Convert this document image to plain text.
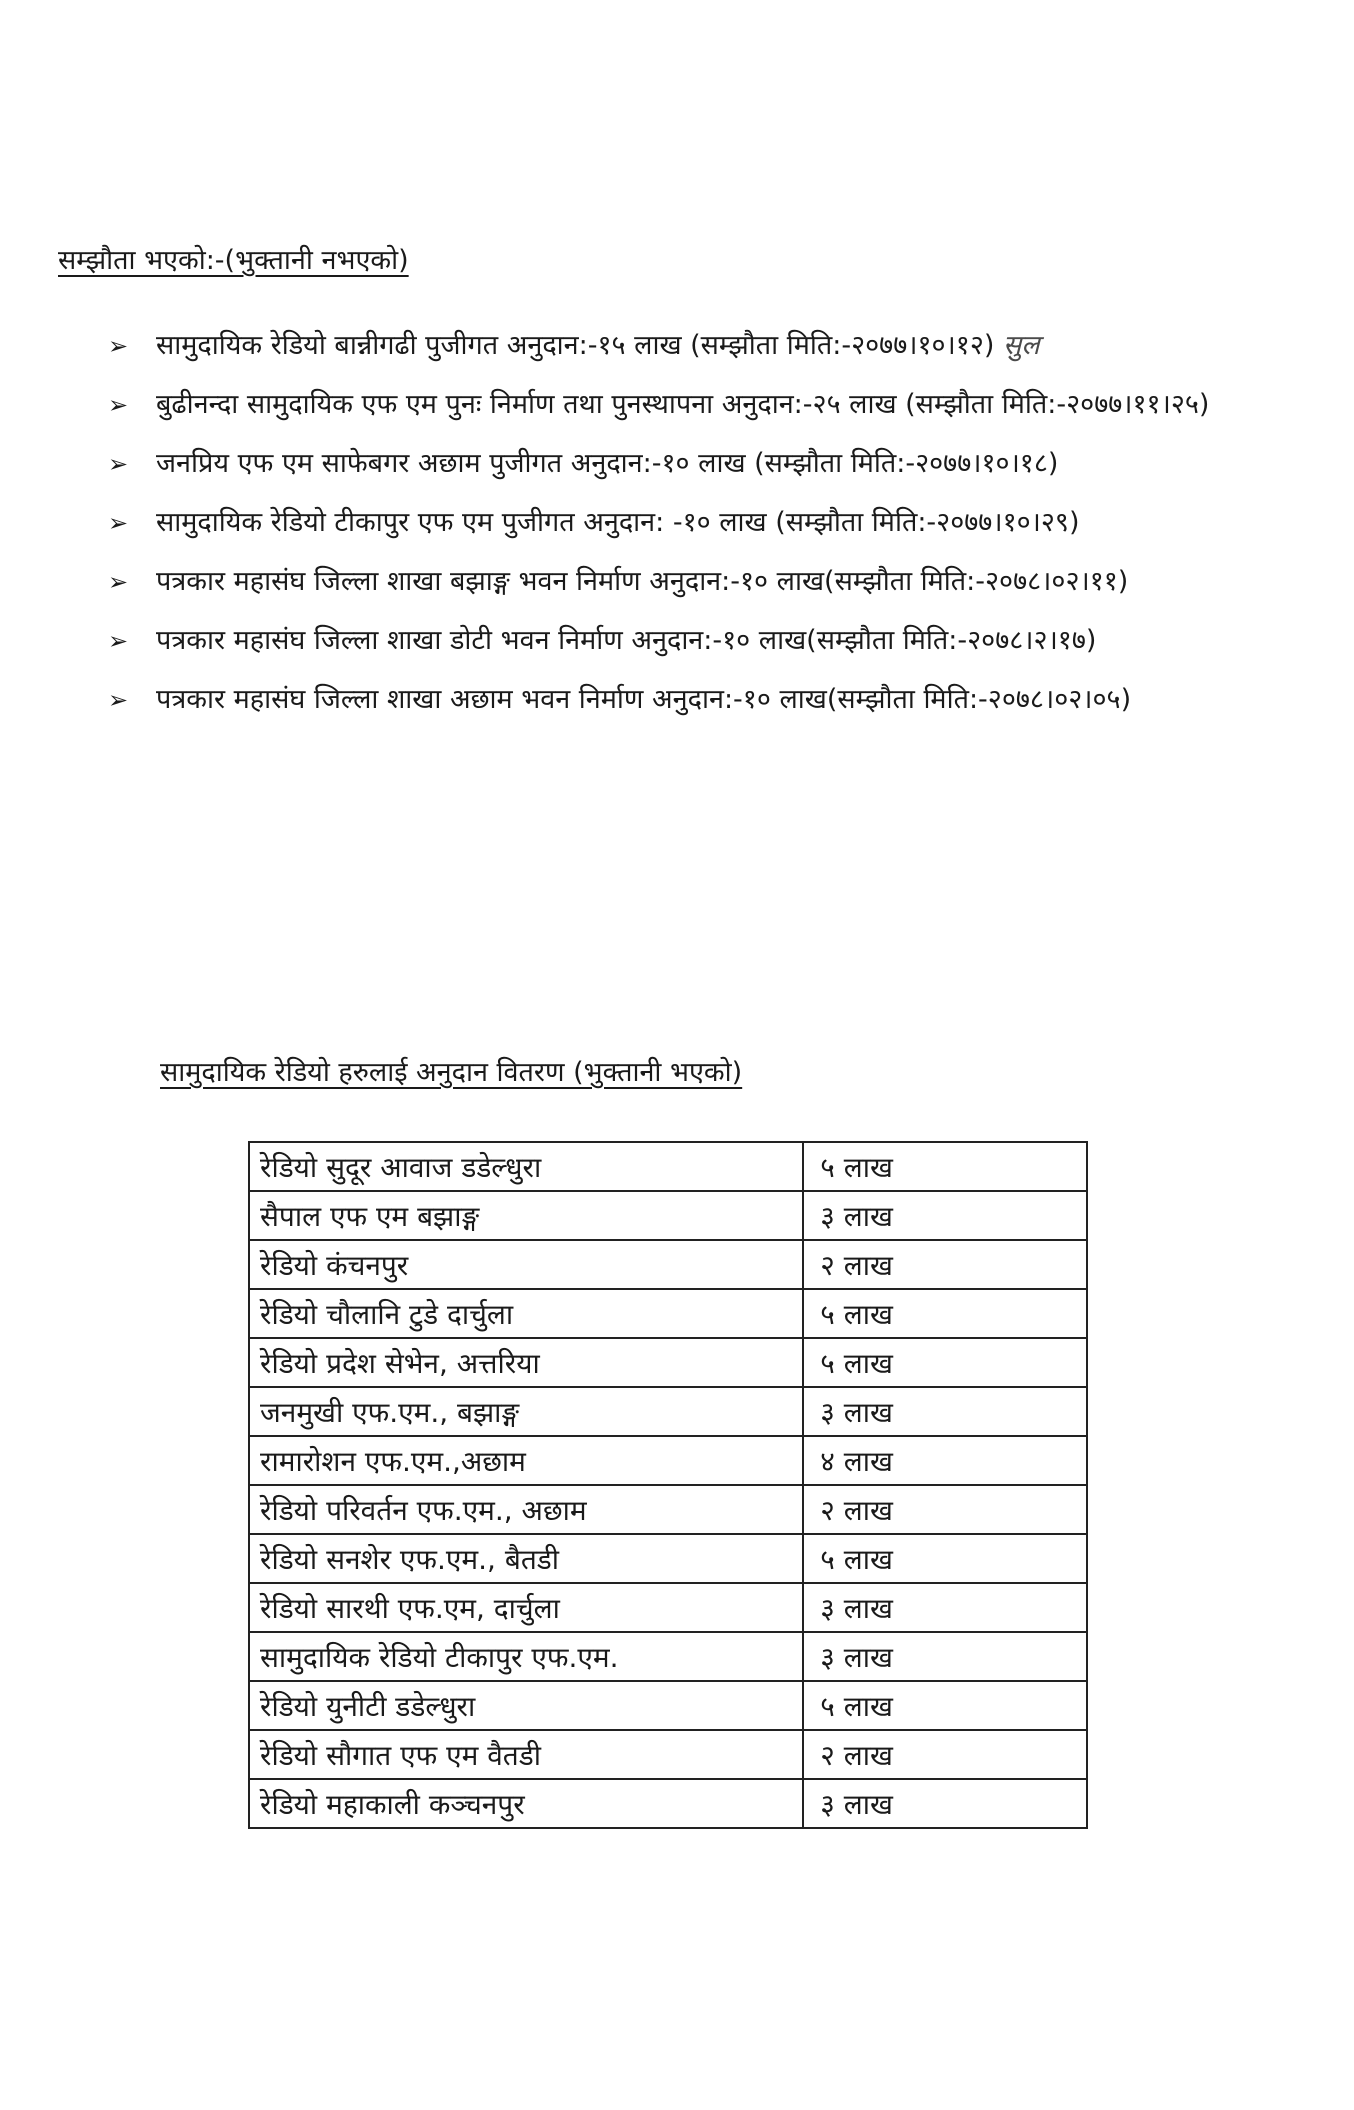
सम्झौता भएको:-(भुक्तानी नभएको)
➢ सामुदायिक रेडियो बान्नीगढी पुजीगत अनुदान:-१५ लाख (सम्झौता मिति:-२०७७।१०।१२) सुल
➢ बुढीनन्दा सामुदायिक एफ एम पुनः निर्माण तथा पुनस्थापना अनुदान:-२५ लाख (सम्झौता मिति:-२०७७।११।२५)
➢ जनप्रिय एफ एम साफेबगर अछाम पुजीगत अनुदान:-१० लाख (सम्झौता मिति:-२०७७।१०।१८)
➢ सामुदायिक रेडियो टीकापुर एफ एम पुजीगत अनुदान: -१० लाख (सम्झौता मिति:-२०७७।१०।२९)
➢ पत्रकार महासंघ जिल्ला शाखा बझाङ्ग भवन निर्माण अनुदान:-१० लाख(सम्झौता मिति:-२०७८।०२।११)
➢ पत्रकार महासंघ जिल्ला शाखा डोटी भवन निर्माण अनुदान:-१० लाख(सम्झौता मिति:-२०७८।२।१७)
➢ पत्रकार महासंघ जिल्ला शाखा अछाम भवन निर्माण अनुदान:-१० लाख(सम्झौता मिति:-२०७८।०२।०५)
सामुदायिक रेडियो हरुलाई अनुदान वितरण (भुक्तानी भएको)
रेडियो सुदूर आवाज डडेल्धुरा	५ लाख
सैपाल एफ एम बझाङ्ग	३ लाख
रेडियो कंचनपुर	२ लाख
रेडियो चौलानि टुडे दार्चुला	५ लाख
रेडियो प्रदेश सेभेन, अत्तरिया	५ लाख
जनमुखी एफ.एम., बझाङ्ग	३ लाख
रामारोशन एफ.एम.,अछाम	४ लाख
रेडियो परिवर्तन एफ.एम., अछाम	२ लाख
रेडियो सनशेर एफ.एम., बैतडी	५ लाख
रेडियो सारथी एफ.एम, दार्चुला	३ लाख
सामुदायिक रेडियो टीकापुर एफ.एम.	३ लाख
रेडियो युनीटी डडेल्धुरा	५ लाख
रेडियो सौगात एफ एम वैतडी	२ लाख
रेडियो महाकाली कञ्चनपुर	३ लाख
